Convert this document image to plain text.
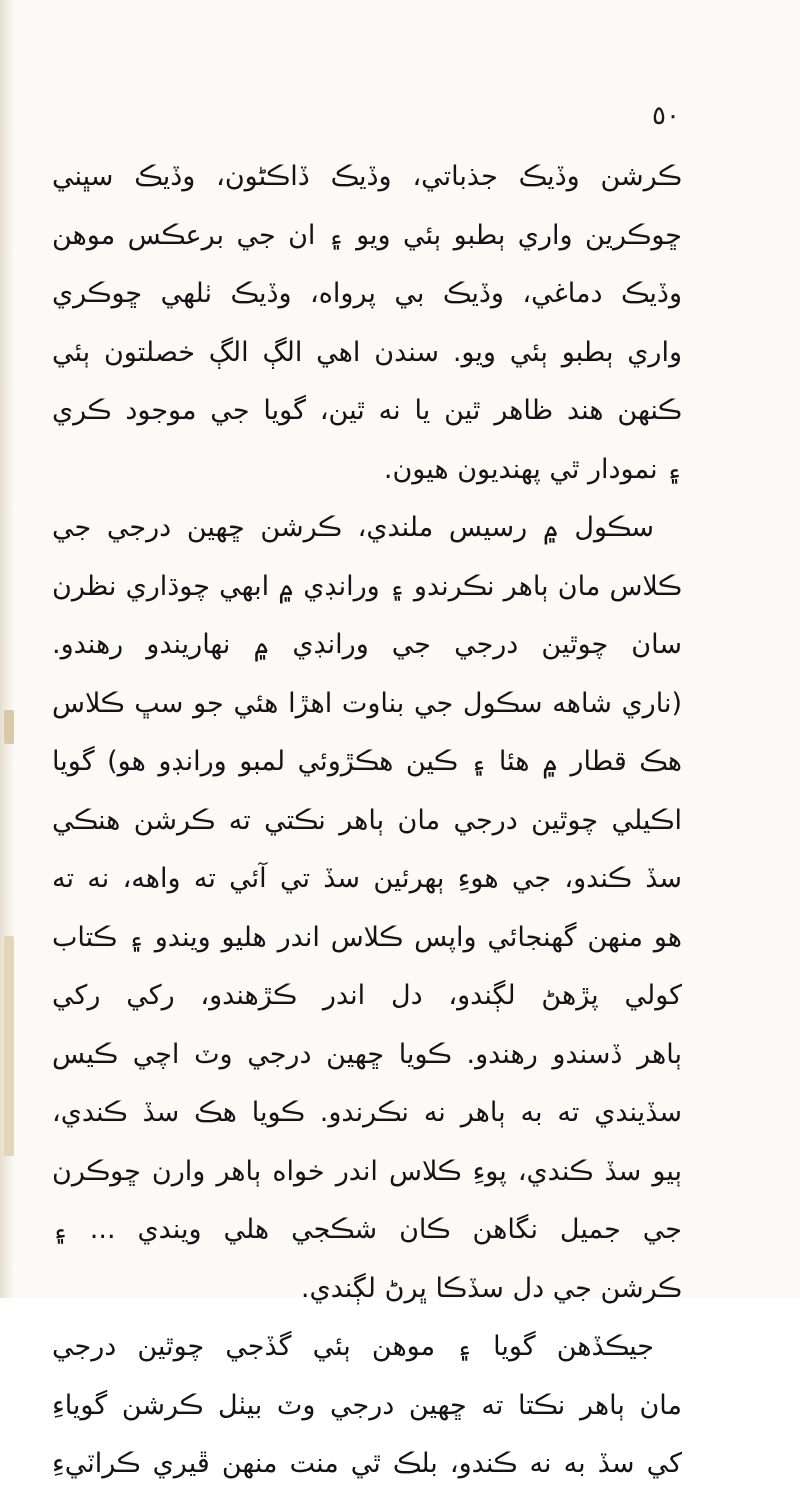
٥٠
ڪرشن وڏيڪ جذباتي، وڏيڪ ڏاڪڻون، وڏيڪ سڀني
ڇوڪرين واري ٻطبو ٻئي ويو ۽ ان جي برعڪس موهن
وڏيڪ دماغي، وڏيڪ بي پرواه، وڏيڪ ٺلهي ڇوڪري
واري ٻطبو ٻئي ويو. سندن اهي الڳ الڳ خصلتون ٻئي
ڪنهن هند ظاهر ٿين يا نه ٿين، گويا جي موجود ڪري
۽ نمودار ٿي پهنديون هيون.
سڪول ۾ رسيس ملندي، ڪرشن ڇهين درجي جي
ڪلاس مان ٻاهر نڪرندو ۽ ورانڊي ۾ ابهي چوڌاري نظرن
سان چوٿين درجي جي ورانڊي ۾ نهاريندو رهندو.
(ناري شاهه سڪول جي بناوت اهڙا هئي جو سڀ ڪلاس
هڪ قطار ۾ هئا ۽ ڪين هڪڙوئي لمبو ورانڊو هو) گويا
اڪيلي چوٿين درجي مان ٻاهر نڪتي ته ڪرشن هنڪي
سڏ ڪندو، جي هوءِ ٻهرئين سڏ تي آئي ته واهه، نه ته
هو منهن گهنجائي واپس ڪلاس اندر هليو ويندو ۽ ڪتاب
کولي پڙهڻ لڳندو، دل اندر ڪڙهندو، رکي رکي
ٻاهر ڏسندو رهندو. ڪويا ڇهين درجي وٽ اچي ڪيس
سڏيندي ته به ٻاهر نه نڪرندو. ڪويا هڪ سڏ ڪندي،
ٻيو سڏ ڪندي، پوءِ ڪلاس اندر خواه ٻاهر وارن ڇوڪرن
جي جميل نگاهن ڪان شڪجي هلي ويندي ... ۽
ڪرشن جي دل سڏڪا ڀرڻ لڳندي.
جيڪڏهن گويا ۽ موهن ٻئي گڏجي چوٿين درجي
مان ٻاهر نڪتا ته ڇهين درجي وٽ بيٺل ڪرشن گوياءِ
کي سڏ به نه ڪندو، بلڪ ٿي منت منهن ڦيري ڪراٽيءِ
